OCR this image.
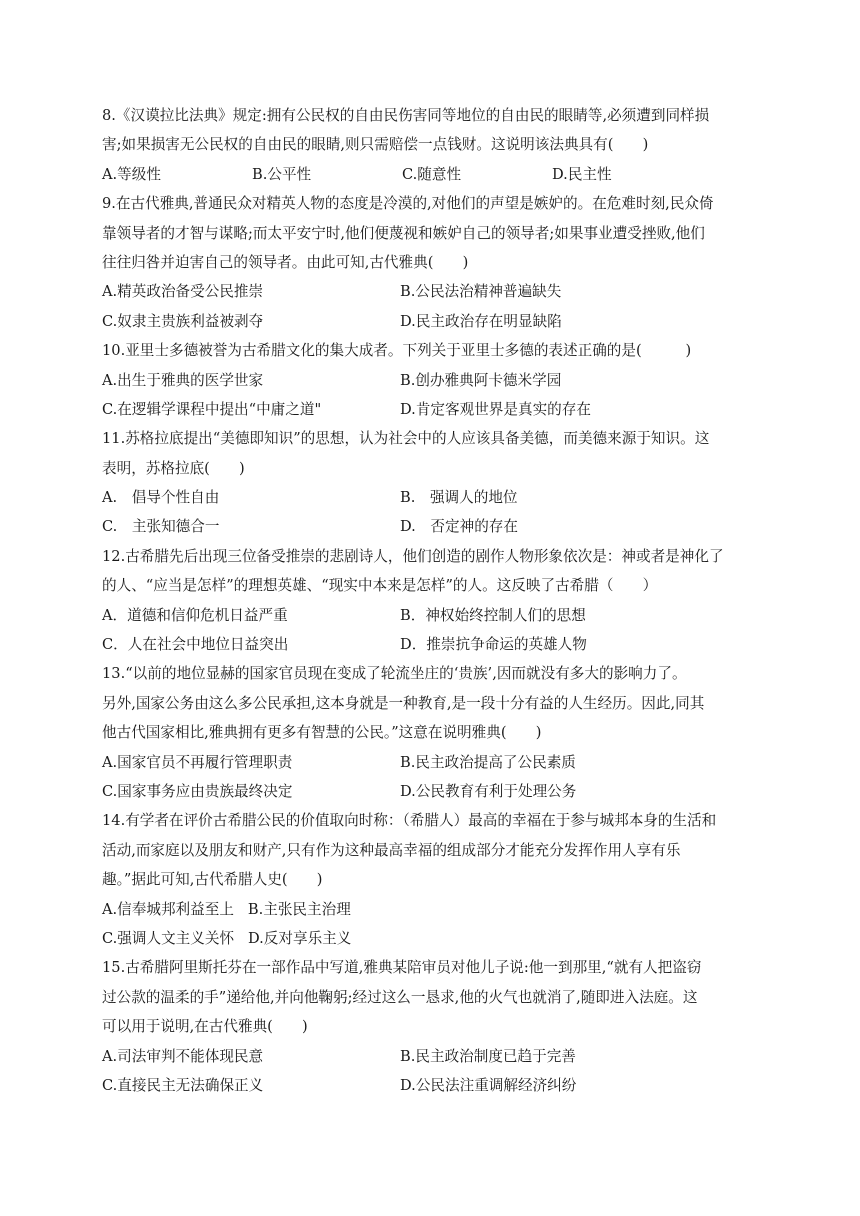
8.《汉谟拉比法典》规定:拥有公民权的自由民伤害同等地位的自由民的眼睛等,必须遭到同样损
害;如果损害无公民权的自由民的眼睛,则只需赔偿一点钱财。这说明该法典具有(　　)
A.等级性	B.公平性	C.随意性	D.民主性
9.在古代雅典,普通民众对精英人物的态度是冷漠的,对他们的声望是嫉妒的。在危难时刻,民众倚
靠领导者的才智与谋略;而太平安宁时,他们便蔑视和嫉妒自己的领导者;如果事业遭受挫败,他们
往往归咎并迫害自己的领导者。由此可知,古代雅典(　　)
A.精英政治备受公民推崇	B.公民法治精神普遍缺失
C.奴隶主贵族利益被剥夺	D.民主政治存在明显缺陷
10.亚里士多德被誉为古希腊文化的集大成者。下列关于亚里士多德的表述正确的是(　　　)
A.出生于雅典的医学世家	B.创办雅典阿卡德米学园
C.在逻辑学课程中提出“中庸之道"	D.肯定客观世界是真实的存在
11.苏格拉底提出“美德即知识”的思想，认为社会中的人应该具备美德，而美德来源于知识。这
表明，苏格拉底(　　)
A.　倡导个性自由	B.　强调人的地位
C.　主张知德合一	D.　否定神的存在
12.古希腊先后出现三位备受推崇的悲剧诗人，他们创造的剧作人物形象依次是：神或者是神化了
的人、“应当是怎样”的理想英雄、“现实中本来是怎样”的人。这反映了古希腊（　　）
A．道德和信仰危机日益严重	B．神权始终控制人们的思想
C．人在社会中地位日益突出	D．推崇抗争命运的英雄人物
13.“以前的地位显赫的国家官员现在变成了轮流坐庄的‘贵族’,因而就没有多大的影响力了。
另外,国家公务由这么多公民承担,这本身就是一种教育,是一段十分有益的人生经历。因此,同其
他古代国家相比,雅典拥有更多有智慧的公民。”这意在说明雅典(　　)
A.国家官员不再履行管理职责	B.民主政治提高了公民素质
C.国家事务应由贵族最终决定	D.公民教育有利于处理公务
14.有学者在评价古希腊公民的价值取向时称：（希腊人）最高的幸福在于参与城邦本身的生活和
活动,而家庭以及朋友和财产,只有作为这种最高幸福的组成部分才能充分发挥作用人享有乐
趣。”据此可知,古代希腊人史(　　)
A.信奉城邦利益至上 B.主张民主治理
C.强调人文主义关怀 D.反对享乐主义
15.古希腊阿里斯托芬在一部作品中写道,雅典某陪审员对他儿子说:他一到那里,“就有人把盗窃
过公款的温柔的手”递给他,并向他鞠躬;经过这么一恳求,他的火气也就消了,随即进入法庭。这
可以用于说明,在古代雅典(　　)
A.司法审判不能体现民意	B.民主政治制度已趋于完善
C.直接民主无法确保正义	D.公民法注重调解经济纠纷
